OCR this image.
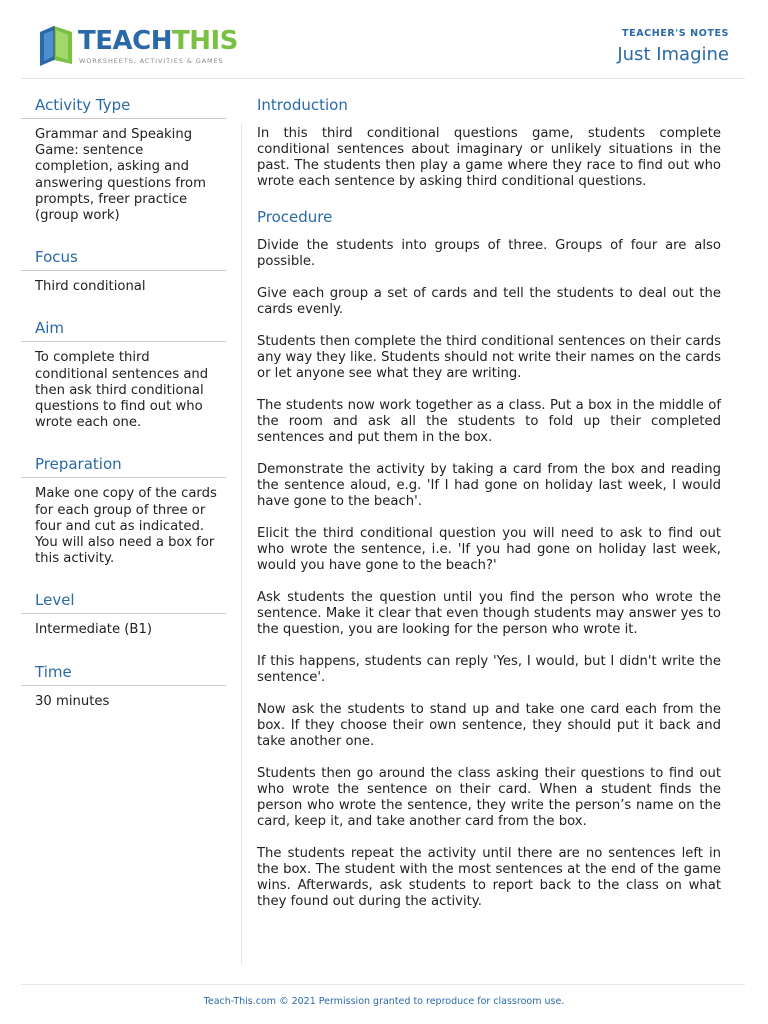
TEACHTHIS
WORKSHEETS, ACTIVITIES & GAMES
TEACHER'S NOTES
Just Imagine
Activity Type
Grammar and Speaking Game: sentence completion, asking and answering questions from prompts, freer practice (group work)
Focus
Third conditional
Aim
To complete third conditional sentences and then ask third conditional questions to find out who wrote each one.
Preparation
Make one copy of the cards for each group of three or four and cut as indicated. You will also need a box for this activity.
Level
Intermediate (B1)
Time
30 minutes
Introduction

In this third conditional questions game, students complete conditional sentences about imaginary or unlikely situations in the past. The students then play a game where they race to find out who wrote each sentence by asking third conditional questions.

Procedure

Divide the students into groups of three. Groups of four are also possible.

Give each group a set of cards and tell the students to deal out the cards evenly.

Students then complete the third conditional sentences on their cards any way they like. Students should not write their names on the cards or let anyone see what they are writing.

The students now work together as a class. Put a box in the middle of the room and ask all the students to fold up their completed sentences and put them in the box.

Demonstrate the activity by taking a card from the box and reading the sentence aloud, e.g. 'If I had gone on holiday last week, I would have gone to the beach'.

Elicit the third conditional question you will need to ask to find out who wrote the sentence, i.e. 'If you had gone on holiday last week, would you have gone to the beach?'

Ask students the question until you find the person who wrote the sentence. Make it clear that even though students may answer yes to the question, you are looking for the person who wrote it.

If this happens, students can reply 'Yes, I would, but I didn't write the sentence'.

Now ask the students to stand up and take one card each from the box. If they choose their own sentence, they should put it back and take another one.

Students then go around the class asking their questions to find out who wrote the sentence on their card. When a student finds the person who wrote the sentence, they write the person’s name on the card, keep it, and take another card from the box.

The students repeat the activity until there are no sentences left in the box. The student with the most sentences at the end of the game wins. Afterwards, ask students to report back to the class on what they found out during the activity.

Teach-This.com © 2021 Permission granted to reproduce for classroom use.
